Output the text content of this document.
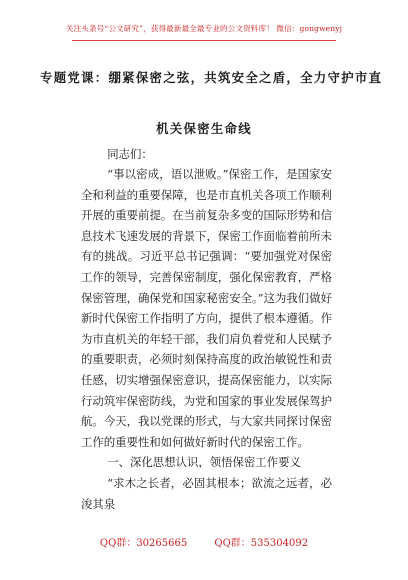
关注头条号“公文研究”，获得最新最全最专业的公文资料库！ 微信：gongwenyj
专题党课：绷紧保密之弦，共筑安全之盾，全力守护市直
机关保密生命线

同志们：

“事以密成，语以泄败。”保密工作，是国家安全和利益的重要保障，也是市直机关各项工作顺利开展的重要前提。在当前复杂多变的国际形势和信息技术飞速发展的背景下，保密工作面临着前所未有的挑战。习近平总书记强调：“要加强党对保密工作的领导，完善保密制度，强化保密教育，严格保密管理，确保党和国家秘密安全。”这为我们做好新时代保密工作指明了方向，提供了根本遵循。作为市直机关的年轻干部，我们肩负着党和人民赋予的重要职责，必须时刻保持高度的政治敏锐性和责任感，切实增强保密意识，提高保密能力，以实际行动筑牢保密防线，为党和国家的事业发展保驾护航。今天，我以党课的形式，与大家共同探讨保密工作的重要性和如何做好新时代的保密工作。

一、深化思想认识，领悟保密工作要义

“求木之长者，必固其根本；欲流之远者，必浚其泉

QQ群：30265665	QQ群：535304092
